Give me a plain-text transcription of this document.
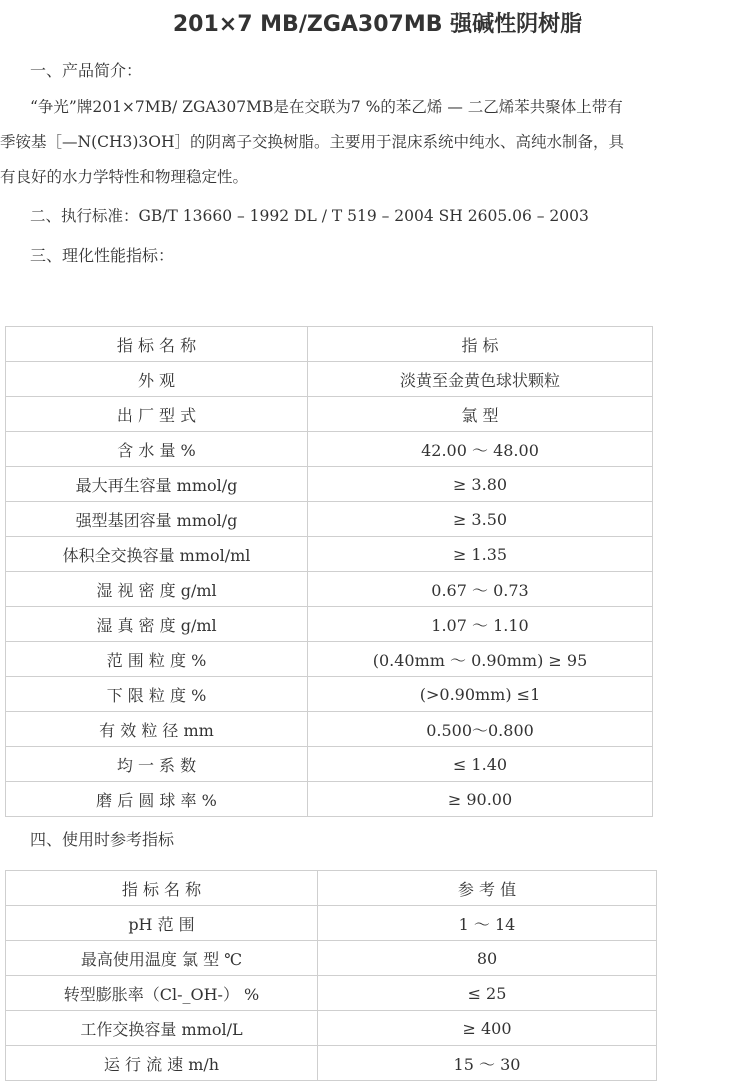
201×7 MB/ZGA307MB 强碱性阴树脂
一、产品简介：
“争光”牌201×7MB/ ZGA307MB是在交联为7 %的苯乙烯 — 二乙烯苯共聚体上带有
季铵基［—N(CH3)3OH］的阴离子交换树脂。主要用于混床系统中纯水、高纯水制备，具
有良好的水力学特性和物理稳定性。
二、执行标准：GB/T 13660 – 1992 DL / T 519 – 2004 SH 2605.06 – 2003
三、理化性能指标：
指 标 名 称	指 标
外 观	淡黄至金黄色球状颗粒
出 厂 型 式	氯 型
含 水 量 %	42.00 ～ 48.00
最大再生容量 mmol/g	≥ 3.80
强型基团容量 mmol/g	≥ 3.50
体积全交换容量 mmol/ml	≥ 1.35
湿 视 密 度 g/ml	0.67 ～ 0.73
湿 真 密 度 g/ml	1.07 ～ 1.10
范 围 粒 度 %	(0.40mm ～ 0.90mm) ≥ 95
下 限 粒 度 %	(>0.90mm) ≤1
有 效 粒 径 mm	0.500～0.800
均 一 系 数	≤ 1.40
磨 后 圆 球 率 %	≥ 90.00
四、使用时参考指标
指 标 名 称	参 考 值
pH 范 围	1 ～ 14
最高使用温度 氯 型 ℃	80
转型膨胀率（Cl-_OH-） %	≤ 25
工作交换容量 mmol/L	≥ 400
运 行 流 速 m/h	15 ～ 30
